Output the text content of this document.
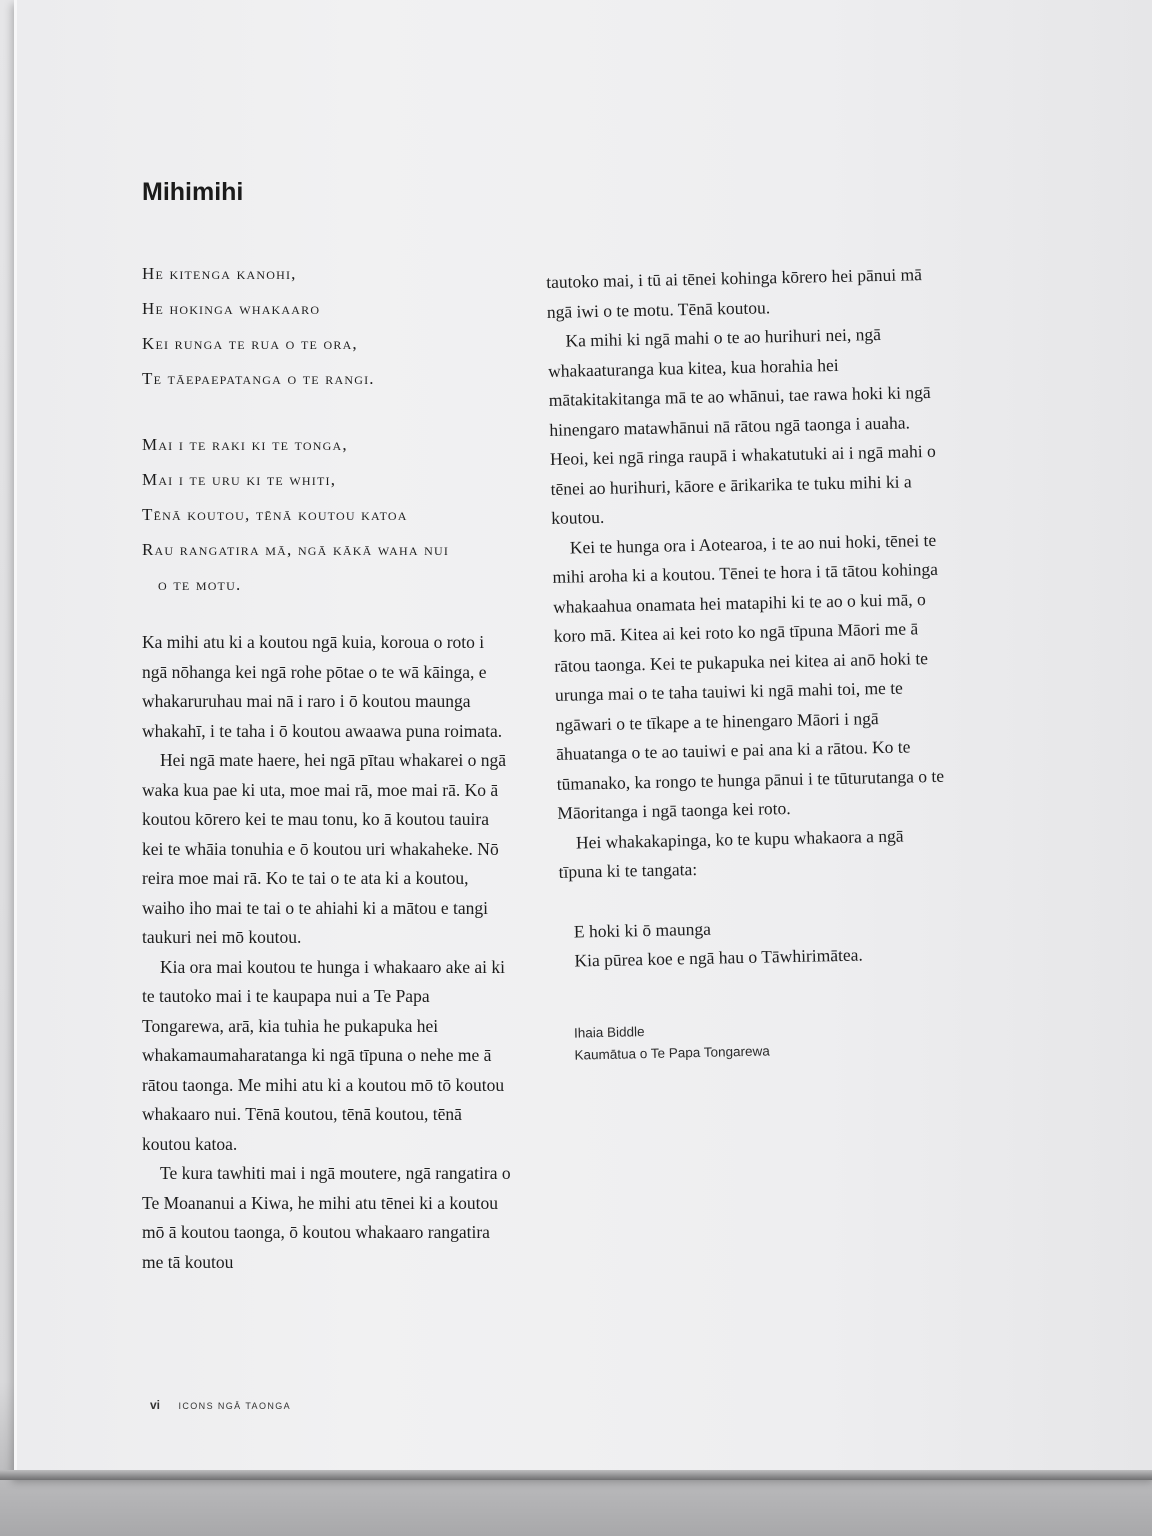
Mihimihi

He kitenga kanohi,

He hokinga whakaaro

Kei runga te rua o te ora,

Te tāepaepatanga o te rangi.

Mai i te raki ki te tonga,

Mai i te uru ki te whiti,

Tēnā koutou, tēnā koutou katoa

Rau rangatira mā, ngā kākā waha nui

o te motu.

Ka mihi atu ki a koutou ngā kuia, koroua o roto i ngā nōhanga kei ngā rohe pōtae o te wā kāinga, e whakaruruhau mai nā i raro i ō koutou maunga whakahī, i te taha i ō koutou awaawa puna roimata.

Hei ngā mate haere, hei ngā pītau whakarei o ngā waka kua pae ki uta, moe mai rā, moe mai rā. Ko ā koutou kōrero kei te mau tonu, ko ā koutou tauira kei te whāia tonuhia e ō koutou uri whakaheke. Nō reira moe mai rā. Ko te tai o te ata ki a koutou, waiho iho mai te tai o te ahiahi ki a mātou e tangi taukuri nei mō koutou.

Kia ora mai koutou te hunga i whakaaro ake ai ki te tautoko mai i te kaupapa nui a Te Papa Tongarewa, arā, kia tuhia he pukapuka hei whakamaumaharatanga ki ngā tīpuna o nehe me ā rātou taonga. Me mihi atu ki a koutou mō tō koutou whakaaro nui. Tēnā koutou, tēnā koutou, tēnā koutou katoa.

Te kura tawhiti mai i ngā moutere, ngā rangatira o Te Moananui a Kiwa, he mihi atu tēnei ki a koutou mō ā koutou taonga, ō koutou whakaaro rangatira me tā koutou

tautoko mai, i tū ai tēnei kohinga kōrero hei pānui mā ngā iwi o te motu. Tēnā koutou.

Ka mihi ki ngā mahi o te ao hurihuri nei, ngā whakaaturanga kua kitea, kua horahia hei mātakitakitanga mā te ao whānui, tae rawa hoki ki ngā hinengaro matawhānui nā rātou ngā taonga i auaha. Heoi, kei ngā ringa raupā i whakatutuki ai i ngā mahi o tēnei ao hurihuri, kāore e ārikarika te tuku mihi ki a koutou.

Kei te hunga ora i Aotearoa, i te ao nui hoki, tēnei te mihi aroha ki a koutou. Tēnei te hora i tā tātou kohinga whakaahua onamata hei matapihi ki te ao o kui mā, o koro mā. Kitea ai kei roto ko ngā tīpuna Māori me ā rātou taonga. Kei te pukapuka nei kitea ai anō hoki te urunga mai o te taha tauiwi ki ngā mahi toi, me te ngāwari o te tīkape a te hinengaro Māori i ngā āhuatanga o te ao tauiwi e pai ana ki a rātou. Ko te tūmanako, ka rongo te hunga pānui i te tūturutanga o te Māoritanga i ngā taonga kei roto.

Hei whakakapinga, ko te kupu whakaora a ngā tīpuna ki te tangata:

E hoki ki ō maunga

Kia pūrea koe e ngā hau o Tāwhirimātea.

Ihaia Biddle

Kaumātua o Te Papa Tongarewa

vi ICONS NGĀ TAONGA
